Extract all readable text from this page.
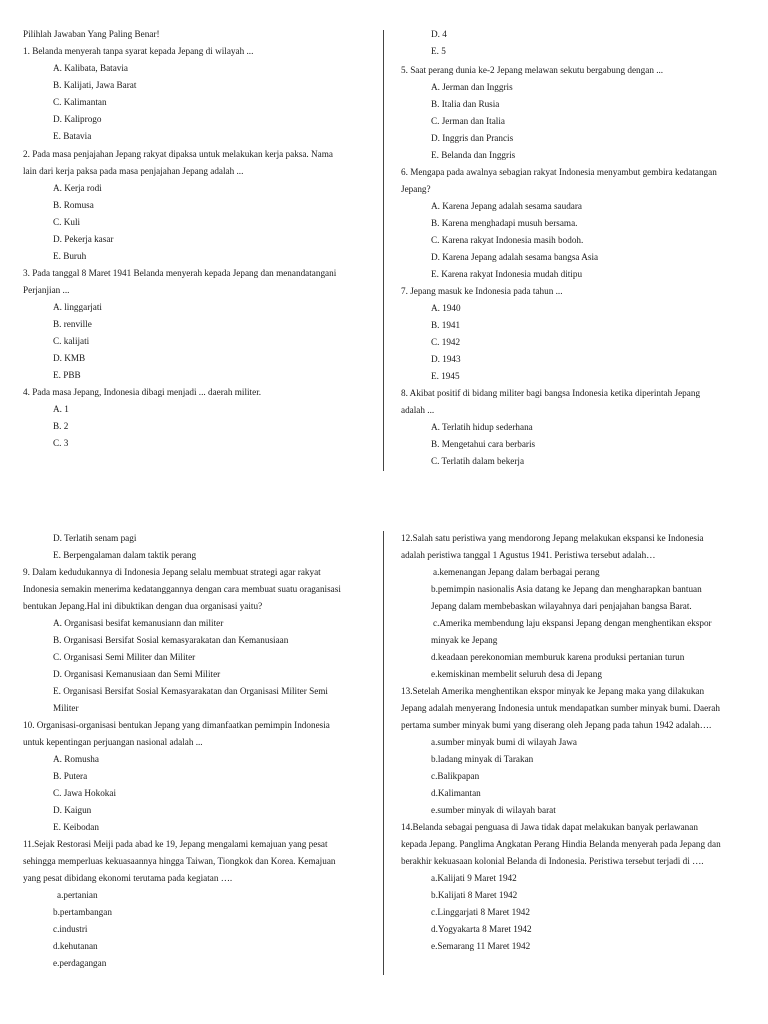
Pilihlah Jawaban Yang Paling Benar!
1. Belanda menyerah tanpa syarat kepada Jepang di wilayah ...
A. Kalibata, Batavia
B. Kalijati, Jawa Barat
C. Kalimantan
D. Kaliprogo
E. Batavia
2. Pada masa penjajahan Jepang rakyat dipaksa untuk melakukan kerja paksa. Nama
lain dari kerja paksa pada masa penjajahan Jepang adalah ...
A. Kerja rodi
B. Romusa
C. Kuli
D. Pekerja kasar
E. Buruh
3. Pada tanggal 8 Maret 1941 Belanda menyerah kepada Jepang dan menandatangani
Perjanjian ...
A. linggarjati
B. renville
C. kalijati
D. KMB
E. PBB
4. Pada masa Jepang, Indonesia dibagi menjadi ... daerah militer.
A. 1
B. 2
C. 3
D. 4
E. 5
5. Saat perang dunia ke-2 Jepang melawan sekutu bergabung dengan ...
A. Jerman dan Inggris
B. Italia dan Rusia
C. Jerman dan Italia
D. Inggris dan Prancis
E. Belanda dan Inggris
6. Mengapa pada awalnya sebagian rakyat Indonesia menyambut gembira kedatangan
Jepang?
A. Karena Jepang adalah sesama saudara
B. Karena menghadapi musuh bersama.
C. Karena rakyat Indonesia masih bodoh.
D. Karena Jepang adalah sesama bangsa Asia
E. Karena rakyat Indonesia mudah ditipu
7. Jepang masuk ke Indonesia pada tahun ...
A. 1940
B. 1941
C. 1942
D. 1943
E. 1945
8. Akibat positif di bidang militer bagi bangsa Indonesia ketika diperintah Jepang
adalah ...
A. Terlatih hidup sederhana
B. Mengetahui cara berbaris
C. Terlatih dalam bekerja
D. Terlatih senam pagi
E. Berpengalaman dalam taktik perang
9. Dalam kedudukannya di Indonesia Jepang selalu membuat strategi agar rakyat
Indonesia semakin menerima kedatanggannya dengan cara membuat suatu oraganisasi
bentukan Jepang.Hal ini dibuktikan dengan dua organisasi yaitu?
A. Organisasi besifat kemanusiann dan militer
B. Organisasi Bersifat Sosial kemasyarakatan dan Kemanusiaan
C. Organisasi Semi Militer dan Militer
D. Organisasi Kemanusiaan dan Semi Militer
E. Organisasi Bersifat Sosial Kemasyarakatan dan Organisasi Militer Semi
Militer
10. Organisasi-organisasi bentukan Jepang yang dimanfaatkan pemimpin Indonesia
untuk kepentingan perjuangan nasional adalah ...
A. Romusha
B. Putera
C. Jawa Hokokai
D. Kaigun
E. Keibodan
11.Sejak Restorasi Meiji pada abad ke 19, Jepang mengalami kemajuan yang pesat
sehingga memperluas kekuasaannya hingga Taiwan, Tiongkok dan Korea. Kemajuan
yang pesat dibidang ekonomi terutama pada kegiatan ….
a.pertanian
b.pertambangan
c.industri
d.kehutanan
e.perdagangan
12.Salah satu peristiwa yang mendorong Jepang melakukan ekspansi ke Indonesia
adalah peristiwa tanggal 1 Agustus 1941. Peristiwa tersebut adalah…
a.kemenangan Jepang dalam berbagai perang
b.pemimpin nasionalis Asia datang ke Jepang dan mengharapkan bantuan
Jepang dalam membebaskan wilayahnya dari penjajahan bangsa Barat.
c.Amerika membendung laju ekspansi Jepang dengan menghentikan ekspor
minyak ke Jepang
d.keadaan perekonomian memburuk karena produksi pertanian turun
e.kemiskinan membelit seluruh desa di Jepang
13.Setelah Amerika menghentikan ekspor minyak ke Jepang maka yang dilakukan
Jepang adalah menyerang Indonesia untuk mendapatkan sumber minyak bumi. Daerah
pertama sumber minyak bumi yang diserang oleh Jepang pada tahun 1942 adalah….
a.sumber minyak bumi di wilayah Jawa
b.ladang minyak di Tarakan
c.Balikpapan
d.Kalimantan
e.sumber minyak di wilayah barat
14.Belanda sebagai penguasa di Jawa tidak dapat melakukan banyak perlawanan
kepada Jepang. Panglima Angkatan Perang Hindia Belanda menyerah pada Jepang dan
berakhir kekuasaan kolonial Belanda di Indonesia. Peristiwa tersebut terjadi di ….
a.Kalijati 9 Maret 1942
b.Kalijati 8 Maret 1942
c.Linggarjati 8 Maret 1942
d.Yogyakarta 8 Maret 1942
e.Semarang 11 Maret 1942
